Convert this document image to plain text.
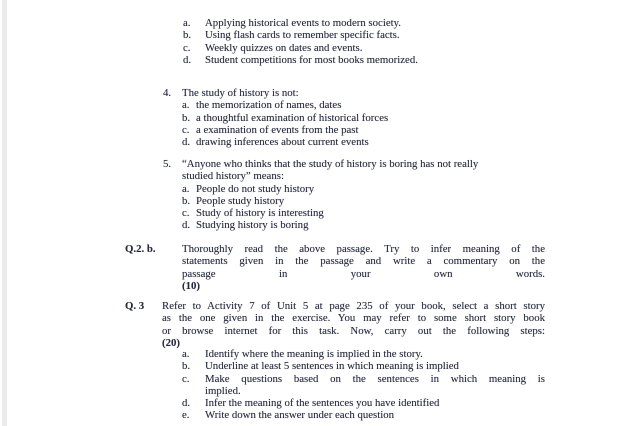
a. Applying historical events to modern society.
b. Using flash cards to remember specific facts.
c. Weekly quizzes on dates and events.
d. Student competitions for most books memorized.
4. The study of history is not:
a. the memorization of names, dates
b. a thoughtful examination of historical forces
c. a examination of events from the past
d. drawing inferences about current events
5. “Anyone who thinks that the study of history is boring has not really
studied history” means:
a. People do not study history
b. People study history
c. Study of history is interesting
d. Studying history is boring
Q.2. b. Thoroughly read the above passage. Try to infer meaning of the
statements given in the passage and write a commentary on the
passage in your own words.
(10)
Q. 3 Refer to Activity 7 of Unit 5 at page 235 of your book, select a short story
as the one given in the exercise. You may refer to some short story book
or browse internet for this task. Now, carry out the following steps:
(20)
a. Identify where the meaning is implied in the story.
b. Underline at least 5 sentences in which meaning is implied
c. Make questions based on the sentences in which meaning is
implied.
d. Infer the meaning of the sentences you have identified
e. Write down the answer under each question
